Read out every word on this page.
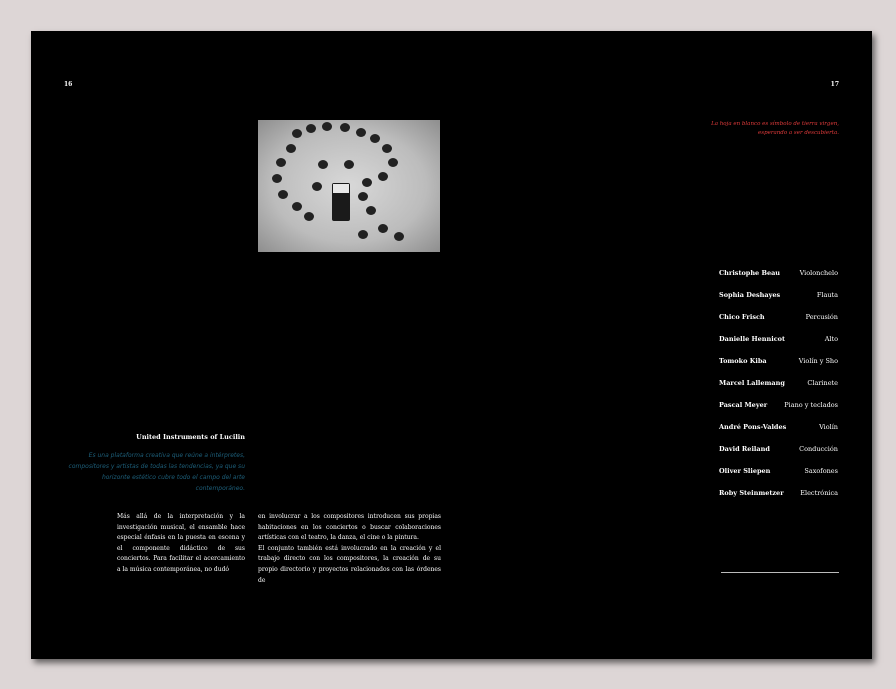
16	17
La hoja en blanco es símbolo de tierra virgen, esperando a ser descubierta.
Christophe Beau	Violonchelo
Sophia Deshayes	Flauta
Chico Frisch	Percusión
Danielle Hennicot	Alto
Tomoko Kiba	Violín y Sho
Marcel Lallemang	Clarinete
Pascal Meyer	Piano y teclados
André Pons-Valdes	Violín
David Reiland	Conducción
Oliver Sliepen	Saxofones
Roby Steinmetzer	Electrónica
United Instruments of Lucilin
Es una plataforma creativa que reúne a intérpretes, compositores y artistas de todas las tendencias, ya que su horizonte estético cubre todo el campo del arte contemporáneo.
Más allá de la interpretación y la investigación musical, el ensamble hace especial énfasis en la puesta en escena y el componente didáctico de sus conciertos. Para facilitar el acercamiento a la música contemporánea, no dudó

en involucrar a los compositores introducen sus propias habitaciones en los conciertos o buscar colaboraciones artísticas con el teatro, la danza, el cine o la pintura.

El conjunto también está involucrado en la creación y el trabajo directo con los compositores, la creación de su propio directorio y proyectos relacionados con las órdenes de
